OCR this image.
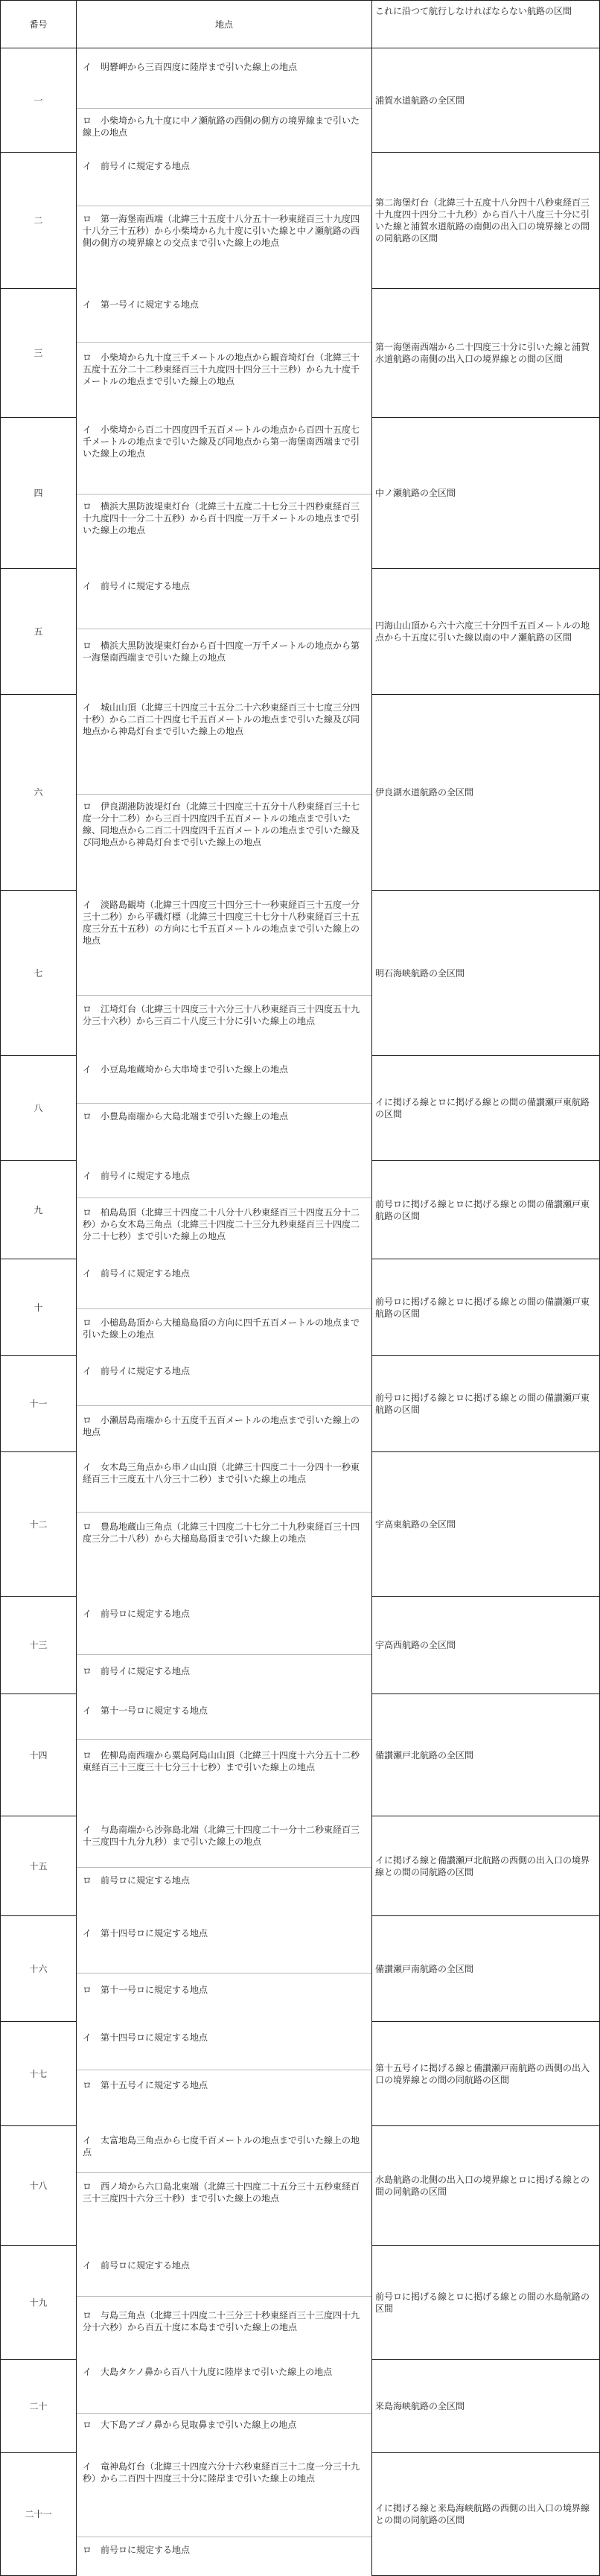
番号	地点
これに沿つて航行しなければならない航路の区間
一
イ　明礬岬から三百四度に陸岸まで引いた線上の地点
ロ　小柴埼から九十度に中ノ瀬航路の西側の側方の境界線まで引いた線上の地点
浦賀水道航路の全区間
二
イ　前号イに規定する地点
ロ　第一海堡南西端（北緯三十五度十八分五十一秒東経百三十九度四十八分三十五秒）から小柴埼から九十度に引いた線と中ノ瀬航路の西側の側方の境界線との交点まで引いた線上の地点
第二海堡灯台（北緯三十五度十八分四十八秒東経百三十九度四十四分二十九秒）から百八十八度三十分に引いた線と浦賀水道航路の南側の出入口の境界線との間の同航路の区間
三
イ　第一号イに規定する地点
ロ　小柴埼から九十度三千メートルの地点から観音埼灯台（北緯三十五度十五分二十二秒東経百三十九度四十四分三十三秒）から九十度千メートルの地点まで引いた線上の地点
第一海堡南西端から二十四度三十分に引いた線と浦賀水道航路の南側の出入口の境界線との間の区間
四
イ　小柴埼から百二十四度四千五百メートルの地点から百四十五度七千メートルの地点まで引いた線及び同地点から第一海堡南西端まで引いた線上の地点
ロ　横浜大黒防波堤東灯台（北緯三十五度二十七分三十四秒東経百三十九度四十一分二十五秒）から百十四度一万千メートルの地点まで引いた線上の地点
中ノ瀬航路の全区間
五
イ　前号イに規定する地点
ロ　横浜大黒防波堤東灯台から百十四度一万千メートルの地点から第一海堡南西端まで引いた線上の地点
円海山山頂から六十六度三十分四千五百メートルの地点から十五度に引いた線以南の中ノ瀬航路の区間
六
イ　城山山頂（北緯三十四度三十五分二十六秒東経百三十七度三分四十秒）から二百二十四度七千五百メートルの地点まで引いた線及び同地点から神島灯台まで引いた線上の地点
ロ　伊良湖港防波堤灯台（北緯三十四度三十五分十八秒東経百三十七度一分十二秒）から三百十四度四千五百メートルの地点まで引いた線、同地点から二百二十四度四千五百メートルの地点まで引いた線及び同地点から神島灯台まで引いた線上の地点
伊良湖水道航路の全区間
七
イ　淡路島観埼（北緯三十四度三十四分三十一秒東経百三十五度一分三十二秒）から平磯灯標（北緯三十四度三十七分十八秒東経百三十五度三分五十五秒）の方向に七千五百メートルの地点まで引いた線上の地点
ロ　江埼灯台（北緯三十四度三十六分三十八秒東経百三十四度五十九分三十六秒）から三百二十八度三十分に引いた線上の地点
明石海峡航路の全区間
八
イ　小豆島地蔵埼から大串埼まで引いた線上の地点
ロ　小豊島南端から大島北端まで引いた線上の地点
イに掲げる線とロに掲げる線との間の備讃瀬戸東航路の区間
九
イ　前号イに規定する地点
ロ　柏島島頂（北緯三十四度二十八分十八秒東経百三十四度五分十二秒）から女木島三角点（北緯三十四度二十三分九秒東経百三十四度二分二十七秒）まで引いた線上の地点
前号ロに掲げる線とロに掲げる線との間の備讃瀬戸東航路の区間
十
イ　前号イに規定する地点
ロ　小槌島島頂から大槌島島頂の方向に四千五百メートルの地点まで引いた線上の地点
前号ロに掲げる線とロに掲げる線との間の備讃瀬戸東航路の区間
十一
イ　前号イに規定する地点
ロ　小瀬居島南端から十五度千五百メートルの地点まで引いた線上の地点
前号ロに掲げる線とロに掲げる線との間の備讃瀬戸東航路の区間
十二
イ　女木島三角点から串ノ山山頂（北緯三十四度二十一分四十一秒東経百三十三度五十八分三十二秒）まで引いた線上の地点
ロ　豊島地蔵山三角点（北緯三十四度二十七分二十九秒東経百三十四度三分二十八秒）から大槌島島頂まで引いた線上の地点
宇高東航路の全区間
十三
イ　前号ロに規定する地点
ロ　前号イに規定する地点
宇高西航路の全区間
十四
イ　第十一号ロに規定する地点
ロ　佐柳島南西端から粟島阿島山山頂（北緯三十四度十六分五十二秒東経百三十三度三十七分三十七秒）まで引いた線上の地点
備讃瀬戸北航路の全区間
十五
イ　与島南端から沙弥島北端（北緯三十四度二十一分十二秒東経百三十三度四十九分九秒）まで引いた線上の地点
ロ　前号ロに規定する地点
イに掲げる線と備讃瀬戸北航路の西側の出入口の境界線との間の同航路の区間
十六
イ　第十四号ロに規定する地点
ロ　第十一号ロに規定する地点
備讃瀬戸南航路の全区間
十七
イ　第十四号ロに規定する地点
ロ　第十五号イに規定する地点
第十五号イに掲げる線と備讃瀬戸南航路の西側の出入口の境界線との間の同航路の区間
十八
イ　太富地島三角点から七度千百メートルの地点まで引いた線上の地点
ロ　西ノ埼から六口島北東端（北緯三十四度二十五分三十五秒東経百三十三度四十六分三十秒）まで引いた線上の地点
水島航路の北側の出入口の境界線とロに掲げる線との間の同航路の区間
十九
イ　前号ロに規定する地点
ロ　与島三角点（北緯三十四度二十三分三十秒東経百三十三度四十九分十六秒）から百五十度に本島まで引いた線上の地点
前号ロに掲げる線とロに掲げる線との間の水島航路の区間
二十
イ　大島タケノ鼻から百八十九度に陸岸まで引いた線上の地点
ロ　大下島アゴノ鼻から見取鼻まで引いた線上の地点
来島海峡航路の全区間
二十一
イ　竜神島灯台（北緯三十四度六分十六秒東経百三十二度一分三十九秒）から二百四十四度三十分に陸岸まで引いた線上の地点
ロ　前号ロに規定する地点
イに掲げる線と来島海峡航路の西側の出入口の境界線との間の同航路の区間
